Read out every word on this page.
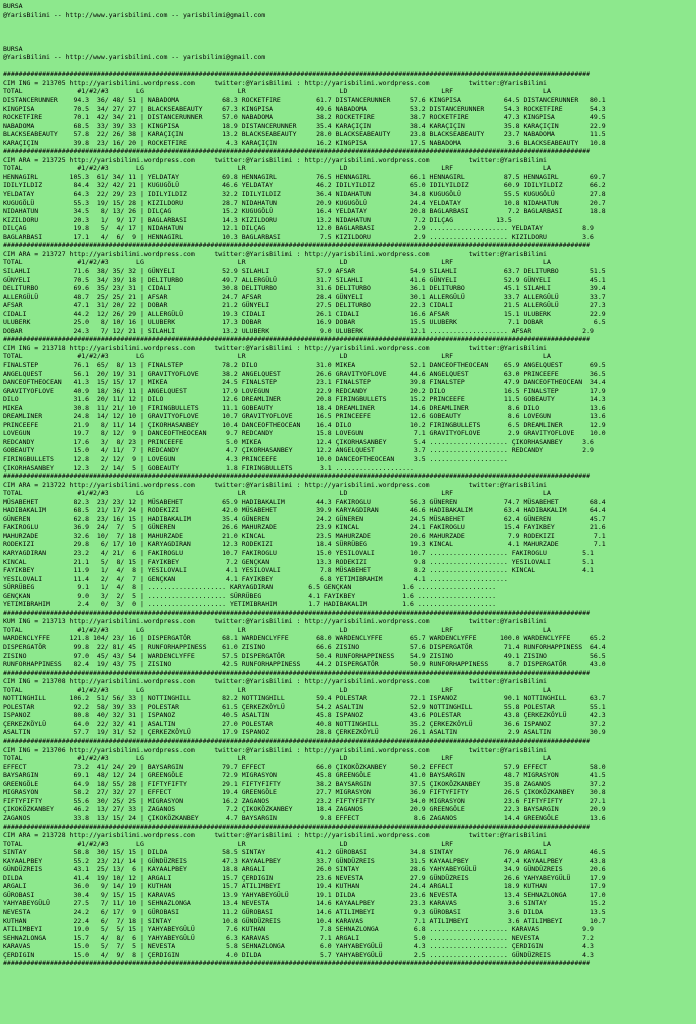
BURSA
@YarisBilimi -- http://www.yarisbilimi.com -- yarisbilimi@gmail.com
BURSA
@YarisBilimi -- http://www.yarisbilimi.com -- yarisbilimi@gmail.com
######################################################################################################################################################
CIM ING = 213705 http://yarisbilimi.wordpress.com     twitter:@YarisBilimi : http://yarisbilimi.wordpress.com          twitter:@YarisBilimi
TOTAL              #1/#2/#3       LG                        LR                        LD                        LRF                       LA
DISTANCERUNNER    94.3  36/ 48/ 51 | NABADOMA           68.3 ROCKETFIRE         61.7 DISTANCERUNNER     57.6 KINGPISA           64.5 DISTANCERUNNER   80.1
KINGPISA          70.5  34/ 27/ 27 | BLACKSEABEAUTY     67.3 KINGPISA           49.6 NABADOMA           53.2 DISTANCERUNNER     54.3 ROCKETFIRE       54.3
ROCKETFIRE        70.1  42/ 34/ 21 | DISTANCERUNNER     57.0 NABADOMA           38.2 ROCKETFIRE         38.7 ROCKETFIRE         47.3 KINGPISA         49.5
NABADOMA          68.5  33/ 39/ 33 | KINGPISA           18.9 DISTANCERUNNER     35.4 KARAÇIÇIN          38.4 KARAÇIÇIN          35.8 KARAÇIÇIN        22.9
BLACKSEABEAUTY    57.8  22/ 26/ 38 | KARAÇIÇIN          13.2 BLACKSEABEAUTY     28.0 BLACKSEABEAUTY     23.8 BLACKSEABEAUTY     23.7 NABADOMA         11.5
KARAÇIÇIN         39.8  23/ 16/ 20 | ROCKETFIRE          4.3 KARAÇIÇIN          16.2 KINGPISA           17.5 NABADOMA            3.6 BLACKSEABEAUTY   10.8
######################################################################################################################################################
CIM ARA = 213725 http://yarisbilimi.wordpress.com     twitter:@YarisBilimi : http://yarisbilimi.wordpress.com          twitter:@YarisBilimi
TOTAL              #1/#2/#3       LG                        LR                        LD                        LRF                       LA
HENNAGIRL        105.3  61/ 34/ 11 | YELDATAY           69.8 HENNAGIRL          76.5 HENNAGIRL          66.1 HENNAGIRL          87.5 HENNAGIRL        69.7
IDILYILDIZ        84.4  32/ 42/ 21 | KUGUGÖLÜ           46.6 YELDATAY           46.2 IDILYILDIZ         65.0 IDILYILDIZ         60.9 IDILYILDIZ       66.2
YELDATAY          64.3  22/ 29/ 23 | IDILYILDIZ         32.2 IDILYILDIZ         36.4 NIDAHATUN          34.8 KUGUGÖLÜ           55.5 KUGUGÖLÜ         27.8
KUGUGÖLÜ          55.3  19/ 15/ 28 | KIZILDORU          28.7 NIDAHATUN          20.9 KUGUGÖLÜ           24.4 YELDATAY           10.8 NIDAHATUN        20.7
NIDAHATUN         34.5   8/ 13/ 26 | DILÇAG             15.2 KUGUGÖLÜ           16.4 YELDATAY           20.8 BAGLARBASI          7.2 BAGLARBASI       18.8
KIZILDORU         20.3   1/  9/ 17 | BAGLARBASI         14.3 KIZILDORU          13.2 NIDAHATUN           7.2 DILÇAG           13.5
DILÇAG            19.8   5/  4/ 17 | NIDAHATUN          12.1 DILÇAG             12.0 BAGLARBASI          2.9 .................... YELDATAY          8.9
BAGLARBASI        17.1   4/  6/  9 | HENNAGIRL          10.3 BAGLARBASI          7.5 KIZILDORU           2.9 .................... KIZILDORU         3.6
######################################################################################################################################################
CIM ARA = 213727 http://yarisbilimi.wordpress.com     twitter:@YarisBilimi : http://yarisbilimi.wordpress.com          twitter:@YarisBilimi
TOTAL              #1/#2/#3       LG                        LR                        LD                        LRF                       LA
SILAHLI           71.6  38/ 35/ 32 | GÜNYELI            52.9 SILAHLI            57.9 AFSAR              54.9 SILAHLI            63.7 DELITURBO        51.5
GÜNYELI           70.5  34/ 39/ 18 | DELITURBO          49.7 ALLERGÜLÜ          31.7 SILAHLI            41.6 GÜNYELI            52.9 GÜNYELI          45.1
DELITURBO         69.6  35/ 23/ 31 | CIDALI             30.8 DELITURBO          31.6 DELITURBO          36.1 DELITURBO          45.1 SILAHLI          39.4
ALLERGÜLÜ         48.7  25/ 25/ 21 | AFSAR              24.7 AFSAR              28.4 GÜNYELI            30.1 ALLERGÜLÜ          33.7 ALLERGÜLÜ        33.7
AFSAR             47.1  31/ 20/ 22 | DOBAR              21.2 GÜNYELI            27.5 DELITURBO          22.3 CIDALI             21.5 ALLERGÜLÜ        27.3
CIDALI            44.2  12/ 26/ 29 | ALLERGÜLÜ          19.3 CIDALI             26.1 CIDALI             16.6 AFSAR              15.1 ULUBERK          22.9
ULUBERK           25.0   8/ 10/ 16 | ULUBERK            17.3 DOBAR              16.9 DOBAR              15.5 ULUBERK             7.1 DOBAR             6.5
DOBAR             24.3   7/ 12/ 21 | SILAHLI            13.2 ULUBERK             9.0 ULUBERK            12.1 .................... AFSAR             2.9
######################################################################################################################################################
CIM ING = 213718 http://yarisbilimi.wordpress.com     twitter:@YarisBilimi : http://yarisbilimi.wordpress.com          twitter:@YarisBilimi
TOTAL              #1/#2/#3       LG                        LR                        LD                        LRF                       LA
FINALSTEP         76.1  65/  8/ 13 | FINALSTEP          78.2 DILO               31.0 MIKEA              52.1 DANCEOFTHEOCEAN    65.9 ANGELQUEST       69.5
ANGELQUEST        56.1  20/ 19/ 31 | GRAVITYOFLOVE      38.2 ANGELQUEST         26.6 GRAVITYOFLOVE      44.6 ANGELQUEST         63.0 PRINCEEFE        36.5
DANCEOFTHEOCEAN   41.3  15/ 15/ 17 | MIKEA              24.5 FINALSTEP          23.1 FINALSTEP          39.8 FINALSTEP          47.9 DANCEOFTHEOCEAN  34.4
GRAVITYOFLOVE     40.9  18/ 36/ 11 | ANGELQUEST         17.9 LOVEGUN            22.9 REDCANDY           20.2 DILO               16.5 FINALSTEP        17.9
DILO              31.6  20/ 11/ 12 | DILO               12.6 DREAMLINER         20.8 FIRINGBULLETS      15.2 PRINCEEFE          11.5 GOBEAUTY         14.3
MIKEA             30.8  11/ 21/ 10 | FIRINGBULLETS      11.1 GOBEAUTY           18.4 DREAMLINER         14.6 DREAMLINER          8.6 DILO             13.6
DREAMLINER        24.8  14/ 12/ 10 | GRAVITYOFLOVE      10.7 GRAVITYOFLOVE      16.5 PRINCEEFE          12.6 GOBEAUTY            8.6 LOVEGUN          13.6
PRINCEEFE         21.9   8/ 11/ 14 | ÇIKORHASANBEY      10.4 DANCEOFTHEOCEAN    16.4 DILO               10.2 FIRINGBULLETS       6.5 DREAMLINER       12.9
LOVEGUN           19.7   8/ 12/  9 | DANCEOFTHEOCEAN     9.7 REDCANDY           15.8 LOVEGUN             7.1 GRAVITYOFLOVE       2.9 GRAVITYOFLOVE    10.0
REDCANDY          17.6   3/  8/ 23 | PRINCEEFE           5.0 MIKEA              12.4 ÇIKORHASANBEY       5.4 .................... ÇIKORHASANBEY     3.6
GOBEAUTY          15.0   4/ 11/  7 | REDCANDY            4.7 ÇIKORHASANBEY      12.2 ANGELQUEST          3.7 .................... REDCANDY          2.9
FIRINGBULLETS     12.8   2/ 12/  9 | LOVEGUN             4.3 PRINCEEFE          10.0 DANCEOFTHEOCEAN     3.5 ....................
ÇIKORHASANBEY     12.3   2/ 14/  5 | GOBEAUTY            1.8 FIRINGBULLETS       3.1 ....................
######################################################################################################################################################
CIM ARA = 213722 http://yarisbilimi.wordpress.com     twitter:@YarisBilimi : http://yarisbilimi.wordpress.com          twitter:@YarisBilimi
TOTAL              #1/#2/#3       LG                        LR                        LD                        LRF                       LA
MÜSABEHET         82.3  23/ 23/ 12 | MÜSABEHET          65.9 HADIBAKALIM        44.3 FAKIROGLU          56.3 GÜNEREN            74.7 MÜSABEHET        68.4
HADIBAKALIM       68.5  21/ 17/ 24 | RODEKIZI           42.0 MÜSABEHET          39.9 KARYAGDIRAN        46.6 HADIBAKALIM        63.4 HADIBAKALIM      64.4
GÜNEREN           62.8  23/ 16/ 15 | HADIBAKALIM        35.4 GÜNEREN            24.2 GÜNEREN            24.5 MÜSABEHET          62.4 GÜNEREN          45.7
FAKIROGLU         36.9  24/  7/  5 | GÜNEREN            26.6 MAHURZADE          23.9 KINCAL             24.1 FAKIROGLU          15.4 FAYIKBEY         21.6
MAHURZADE         32.6  10/  7/ 18 | MAHURZADE          21.0 KINCAL             23.5 MAHURZADE          20.6 MAHURZADE           7.9 RODEKIZI          7.1
RODEKIZI          29.8   6/ 17/ 10 | KARYAGDIRAN        12.3 RODEKIZI           18.4 SÜRRÜBEG           19.3 KINCAL              4.1 MAHURZADE         7.1
KARYAGDIRAN       23.2   4/ 21/  6 | FAKIROGLU          10.7 FAKIROGLU          15.0 YESILOVALI         10.7 .................... FAKIROGLU         5.1
KINCAL            21.1   5/  8/ 15 | FAYIKBEY            7.2 GENÇKAN            13.3 RODEKIZI            9.8 .................... YESILOVALI        5.1
FAYIKBEY          11.9   1/  4/  8 | YESILOVALI          4.1 YESILOVALI          7.8 MÜSABEHET           8.2 .................... KINCAL            4.1
YESILOVALI        11.4   2/  4/  7 | GENÇKAN             4.1 FAYIKBEY            6.8 YETIMIBRAHIM        4.1 ....................
SÜRRÜBEG           9.1   1/  4/  8 | .................... KARYAGDIRAN         6.5 GENÇKAN             1.6 ....................
GENÇKAN            9.0   3/  2/  5 | .................... SÜRRÜBEG            4.1 FAYIKBEY            1.6 ....................
YETIMIBRAHIM       2.4   0/  3/  0 | .................... YETIMIBRAHIM        1.7 HADIBAKALIM         1.6 ....................
######################################################################################################################################################
KUM ING = 213713 http://yarisbilimi.wordpress.com     twitter:@YarisBilimi : http://yarisbilimi.wordpress.com          twitter:@YarisBilimi
TOTAL              #1/#2/#3       LG                        LR                        LD                        LRF                       LA
WARDENCLYFFE     121.8 104/ 23/ 16 | DISPERGATÖR        68.1 WARDENCLYFFE       68.0 WARDENCLYFFE       65.7 WARDENCLYFFE      100.0 WARDENCLYFFE     65.2
DISPERGATÖR       99.8  22/ 81/ 45 | RUNFORHAPPINESS    61.0 ZISINO             66.6 ZISINO             57.6 DISPERGATÖR        71.4 RUNFORHAPPINESS  64.4
ZISINO            97.0  45/ 43/ 54 | WARDENCLYFFE       57.5 DISPERGATÖR        50.4 RUNFORHAPPINESS    54.9 ZISINO             49.1 ZISINO           56.5
RUNFORHAPPINESS   82.4  19/ 43/ 75 | ZISINO             42.5 RUNFORHAPPINESS    44.2 DISPERGATÖR        50.9 RUNFORHAPPINESS     8.7 DISPERGATÖR      43.0
######################################################################################################################################################
CIM ING = 213708 http://yarisbilimi.wordpress.com     twitter:@YarisBilimi : http://yarisbilimi.wordpress.com          twitter:@YarisBilimi
TOTAL              #1/#2/#3       LG                        LR                        LD                        LRF                       LA
NOTTINGHILL      106.2  51/ 56/ 33 | NOTTINGHILL        82.2 NOTTINGHILL        59.4 POLESTAR           72.1 ISPANOZ            90.1 NOTTINGHILL      63.7
POLESTAR          92.2  58/ 39/ 33 | POLESTAR           61.5 ÇERKEZKÖYLÜ        54.2 ASALTIN            52.9 NOTTINGHILL        55.8 POLESTAR         55.1
ISPANOZ           80.8  40/ 32/ 31 | ISPANOZ            40.5 ASALTIN            45.8 ISPANOZ            43.6 POLESTAR           43.8 ÇERKEZKÖYLÜ      42.3
ÇERKEZKÖYLÜ       64.0  22/ 32/ 41 | ASALTIN            27.0 POLESTAR           40.8 NOTTINGHILL        35.2 ÇERKEZKÖYLÜ        36.6 ISPANOZ          37.2
ASALTIN           57.7  19/ 31/ 52 | ÇERKEZKÖYLÜ        17.9 ISPANOZ            28.8 ÇERKEZKÖYLÜ        26.1 ASALTIN             2.9 ASALTIN          30.9
######################################################################################################################################################
CIM ING = 213706 http://yarisbilimi.wordpress.com     twitter:@YarisBilimi : http://yarisbilimi.wordpress.com          twitter:@YarisBilimi
TOTAL              #1/#2/#3       LG                        LR                        LD                        LRF                       LA
EFFECT            73.2  41/ 24/ 29 | BAYSARGIN          79.7 EFFECT             66.0 ÇIKOKÖZKANBEY      50.2 EFFECT             57.9 EFFECT           58.0
BAYSARGIN         69.1  48/ 12/ 24 | GREENGÖLE          72.9 MIGRASYON          45.8 GREENGÖLE          41.0 BAYSARGIN          48.7 MIGRASYON        41.5
GREENGÖLE         64.9  18/ 55/ 28 | FIFTYFIFTY         29.1 FIFTYFIFTY         38.2 BAYSARGIN          37.5 ÇIKOKÖZKANBEY      35.8 ZAGANOS          37.2
MIGRASYON         58.2  27/ 32/ 27 | EFFECT             19.4 GREENGÖLE          27.7 MIGRASYON          36.9 FIFTYFIFTY         26.5 ÇIKOKÖZKANBEY    30.8
FIFTYFIFTY        55.6  30/ 25/ 25 | MIGRASYON          16.2 ZAGANOS            23.2 FIFTYFIFTY         34.0 MIGRASYON          23.6 FIFTYFIFTY       27.1
ÇIKOKÖZKANBEY     46.2  13/ 27/ 33 | ZAGANOS             7.2 ÇIKOKÖZKANBEY      18.4 ZAGANOS            20.9 GREENGÖLE          22.3 BAYSARGIN        20.9
ZAGANOS           33.8  13/ 15/ 24 | ÇIKOKÖZKANBEY       4.7 BAYSARGIN           9.8 EFFECT              8.6 ZAGANOS            14.4 GREENGÖLE        13.6
######################################################################################################################################################
CIM ARA = 213728 http://yarisbilimi.wordpress.com     twitter:@YarisBilimi : http://yarisbilimi.wordpress.com          twitter:@YarisBilimi
TOTAL              #1/#2/#3       LG                        LR                        LD                        LRF                       LA
SINTAY            58.8  30/ 15/ 15 | DILDA              58.5 SINTAY             41.2 GÜROBASI           34.8 SINTAY             76.9 ARGALI           46.5
KAYAALPBEY        55.2  23/ 21/ 14 | GÜNDÜZREIS         47.3 KAYAALPBEY         33.7 GÜNDÜZREIS         31.5 KAYAALPBEY         47.4 KAYAALPBEY       43.8
GÜNDÜZREIS        43.1  25/ 13/  6 | KAYAALPBEY         18.8 ARGALI             26.0 SINTAY             28.6 YAHYABEYGÜLÜ       34.9 GÜNDÜZREIS       20.6
DILDA             41.4  19/ 10/ 12 | ARGALI             15.7 ÇERDIGIN           23.6 NEVESTA            27.9 GÜNDÜZREIS         26.6 YAHYABEYGÜLÜ     17.9
ARGALI            36.0   9/ 14/ 19 | KUTHAN             15.7 ATILIMBEYI         19.4 KUTHAN             24.4 ARGALI             18.9 KUTHAN           17.9
GÜROBASI          30.4   9/ 15/ 15 | KARAVAS            13.9 YAHYABEYGÜLÜ       19.1 DILDA              23.6 NEVESTA            13.4 SEHNAZLONGA      17.0
YAHYABEYGÜLÜ      27.5   7/ 11/ 10 | SEHNAZLONGA        13.4 NEVESTA            14.6 KAYAALPBEY         23.3 KARAVAS             3.6 SINTAY           15.2
NEVESTA           24.2   6/ 17/  9 | GÜROBASI           11.2 GÜROBASI           14.6 ATILIMBEYI          9.3 GÜROBASI            3.6 DILDA            13.5
KUTHAN            22.4   6/  7/ 18 | SINTAY             10.8 GÜNDÜZREIS         10.4 KARAVAS             7.1 ATILIMBEYI          3.6 ATILIMBEYI       10.7
ATILIMBEYI        19.0   5/  5/ 15 | YAHYABEYGÜLÜ        7.6 KUTHAN              7.8 SEHNAZLONGA         6.8 .................... KARAVAS           9.9
SEHNAZLONGA       15.7   4/  8/  6 | YAHYABEYGÜLÜ        6.3 KARAVAS             7.1 ARGALI              5.0 .................... NEVESTA           7.2
KARAVAS           15.0   5/  7/  5 | NEVESTA             5.8 SEHNAZLONGA         6.0 YAHYABEYGÜLÜ        4.3 .................... ÇERDIGIN          4.3
ÇERDIGIN          15.0   4/  9/  8 | ÇERDIGIN            4.0 DILDA               5.7 YAHYABEYGÜLÜ        2.5 .................... GÜNDÜZREIS        4.3
######################################################################################################################################################
